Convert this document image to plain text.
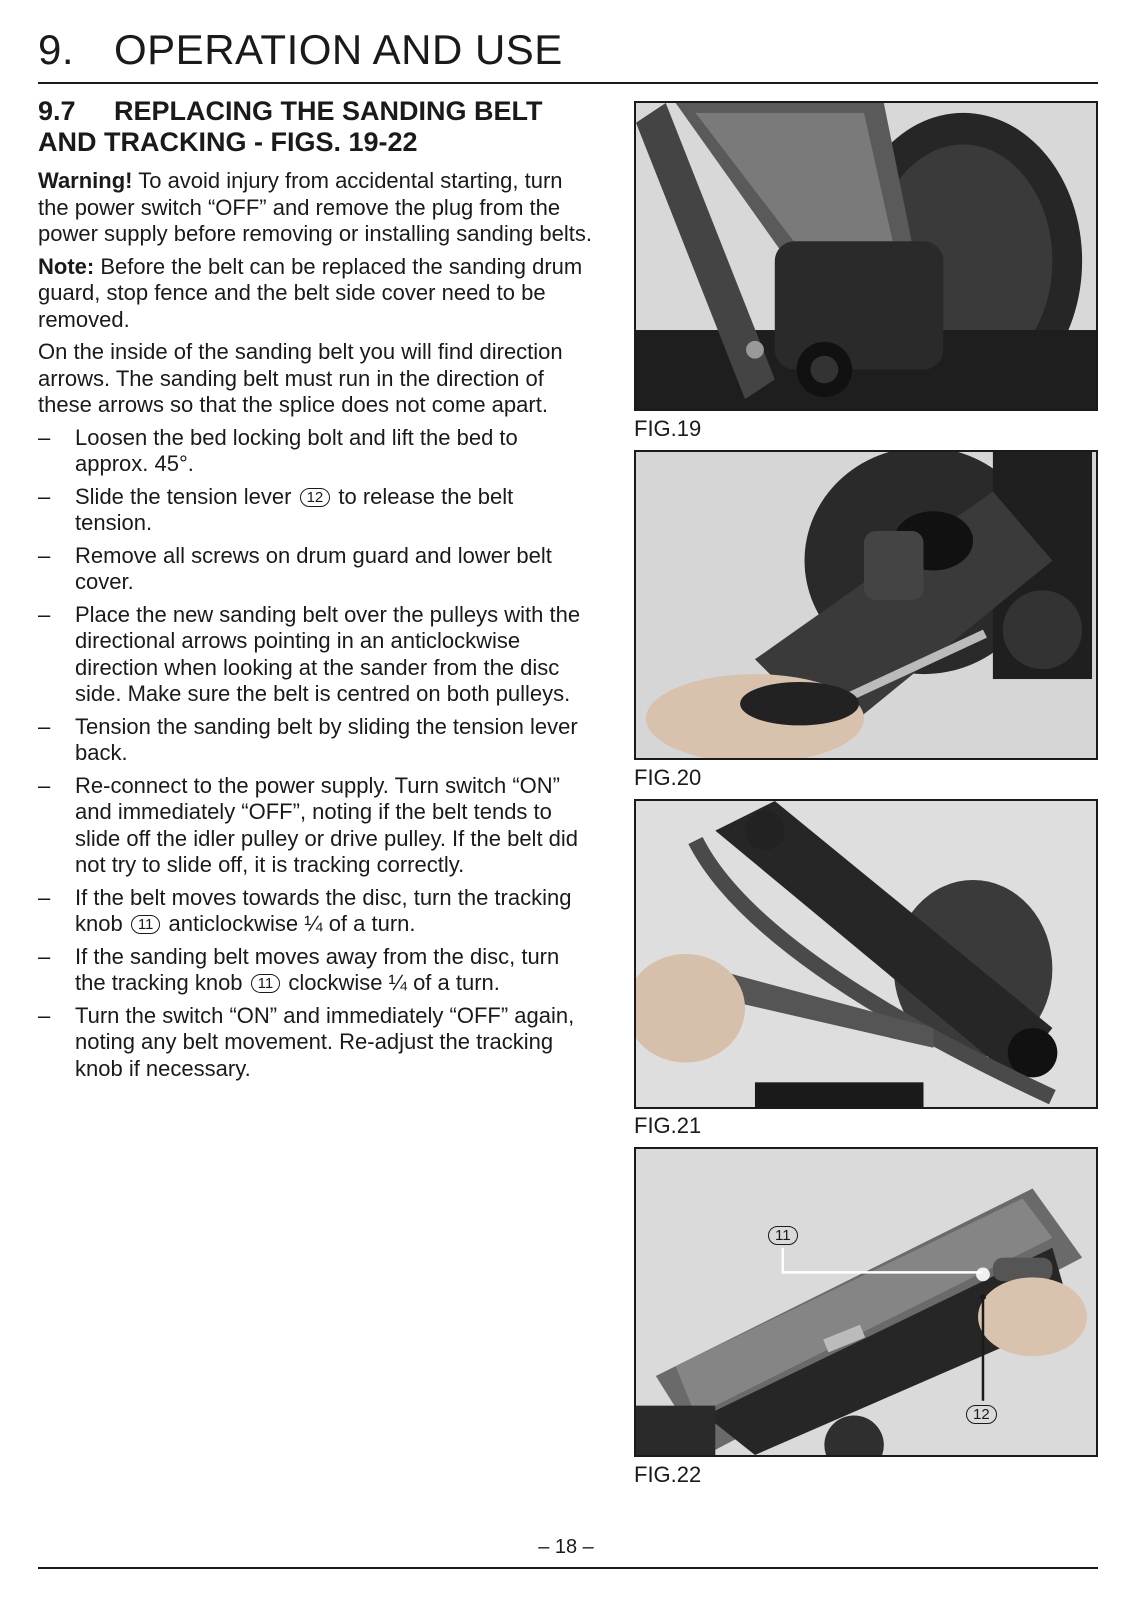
9. OPERATION AND USE
9.7 REPLACING THE SANDING BELT
AND TRACKING - FIGS. 19-22

Warning! To avoid injury from accidental starting, turn the power switch “OFF” and remove the plug from the power supply before removing or installing sanding belts.

Note: Before the belt can be replaced the sanding drum guard, stop fence and the belt side cover need to be removed.

On the inside of the sanding belt you will find direction arrows. The sanding belt must run in the direction of these arrows so that the splice does not come apart.

– Loosen the bed locking bolt and lift the bed to approx. 45°.
– Slide the tension lever 12 to release the belt tension.
– Remove all screws on drum guard and lower belt cover.
– Place the new sanding belt over the pulleys with the directional arrows pointing in an anticlockwise direction when looking at the sander from the disc side. Make sure the belt is centred on both pulleys.
– Tension the sanding belt by sliding the tension lever back.
– Re-connect to the power supply. Turn switch “ON” and immediately “OFF”, noting if the belt tends to slide off the idler pulley or drive pulley. If the belt did not try to slide off, it is tracking correctly.
– If the belt moves towards the disc, turn the tracking knob 11 anticlockwise ¼ of a turn.
– If the sanding belt moves away from the disc, turn the tracking knob 11 clockwise ¼ of a turn.
– Turn the switch “ON” and immediately “OFF” again, noting any belt movement. Re-adjust the tracking knob if necessary.
FIG.19
FIG.20
FIG.21
11
12
FIG.22
– 18 –
